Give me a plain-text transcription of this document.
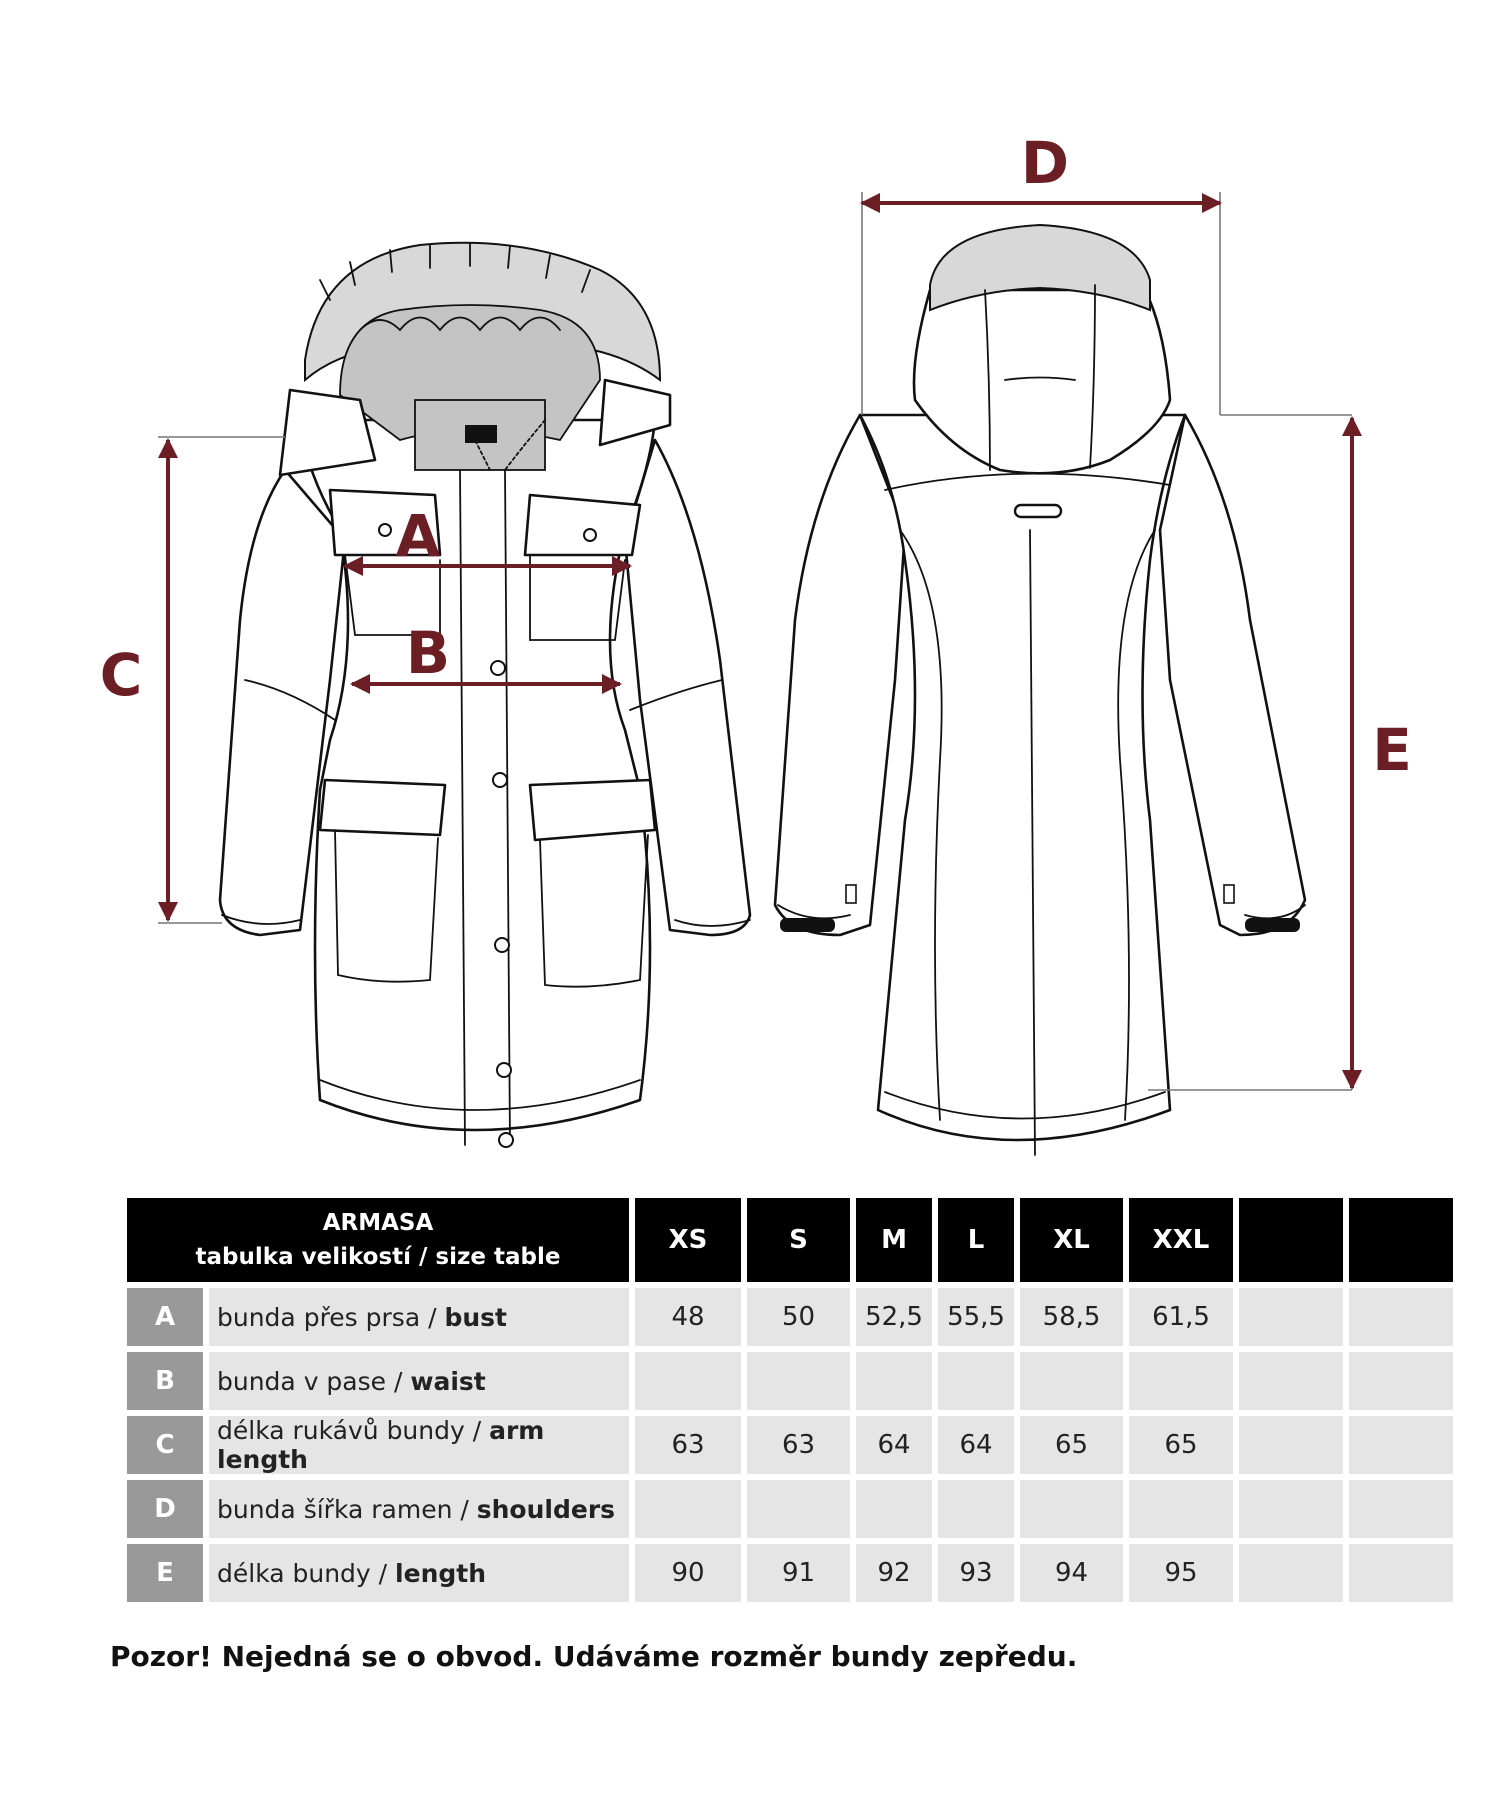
A
B
C
D
E
ARMASA
tabulka velikostí / size table		XS	S	M	L	XL	XXL		
A	bunda přes prsa / bust	48	50	52,5	55,5	58,5	61,5		
B	bunda v pase / waist								
C	délka rukávů bundy / arm length	63	63	64	64	65	65		
D	bunda šířka ramen / shoulders								
E	délka bundy / length	90	91	92	93	94	95		

Pozor! Nejedná se o obvod. Udáváme rozměr bundy zepředu.
